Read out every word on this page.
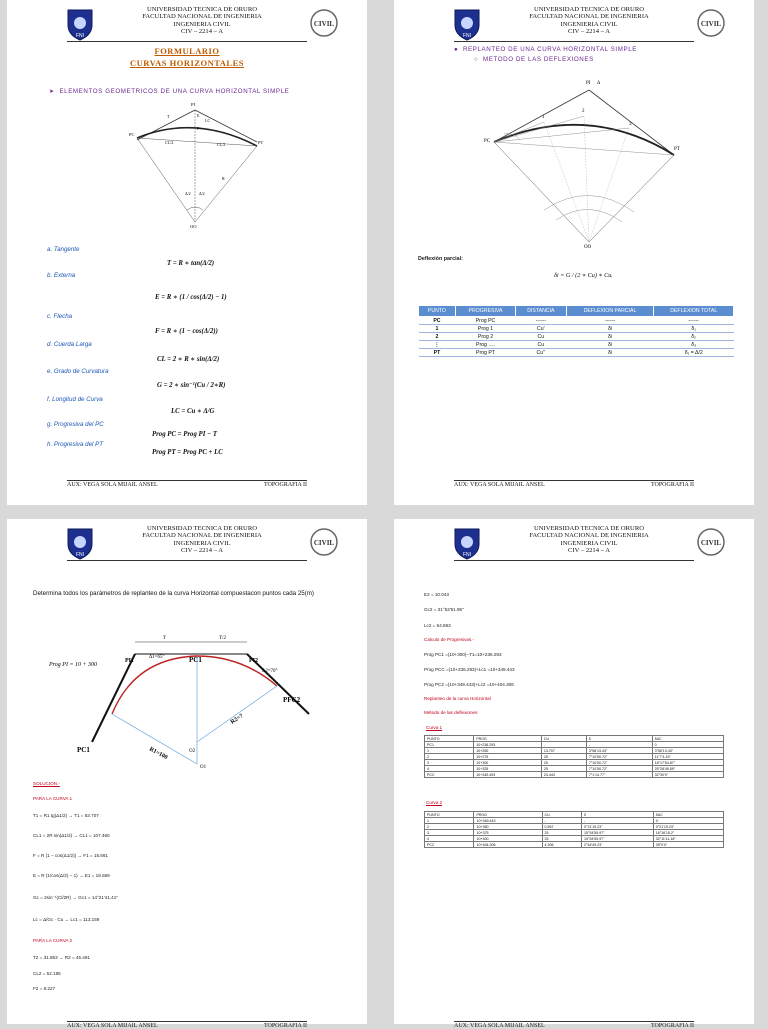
FNI
UNIVERSIDAD TECNICA DE ORURO
FACULTAD NACIONAL DE INGENIERIA
INGENIERIA CIVIL
CIV – 2214 – A
CIVIL
FORMULARIO
CURVAS HORIZONTALES
➤  ELEMENTOS GEOMETRICOS DE UNA CURVA HORIZONTAL SIMPLE
PI
PC
PT
OO
T	E
F
LC
CL/2	CL/2
R
Δ/2 Δ/2
a. Tangente
T = R ∗ tan(Δ/2)
b. Externa
E = R ∗ (1 / cos(Δ/2) − 1)
c. Flecha
F = R ∗ (1 − cos(Δ/2))
d. Cuerda Larga
CL = 2 ∗ R ∗ sin(Δ/2)
e. Grado de Curvatura
G = 2 ∗ sin⁻¹(Cu / 2∗R)
f. Longitud de Curva
LC = Cu ∗ Δ/G
g. Progresiva del PC
Prog PC = Prog PI − T
h. Progresiva del PT
Prog PT = Prog PC + LC
AUX: VEGA SOLA MIJAIL ANSEL	TOPOGRAFIA II
FNI
UNIVERSIDAD TECNICA DE ORURO
FACULTAD NACIONAL DE INGENIERIA
INGENIERIA CIVIL
CIV – 2214 – A
CIVIL
●  REPLANTEO DE UNA CURVA HORIZONTAL SIMPLE
○  METODO DE LAS DEFLEXIONES
PI Δ
PC
PT
OO
1
2
3
Deflexión parcial:
δi = G / (2 ∗ Cu) ∗ Cuᵢ
PUNTO	PROGRESIVA	DISTANCIA	DEFLEXION PARCIAL	DEFLEXION TOTAL
PC	Prog PC	------	------	------
1	Prog 1	Cu'	δi	δ₁
2	Prog 2	Cu	δi	δ₂
⋮	Prog ….	Cu	δi	δ₃
PT	Prog PT	Cu''	δi	δ₁ = Δ/2
AUX: VEGA SOLA MIJAIL ANSEL	TOPOGRAFIA II
FNI
UNIVERSIDAD TECNICA DE ORURO
FACULTAD NACIONAL DE INGENIERIA
INGENIERIA CIVIL
CIV – 2214 – A
CIVIL
Determina todos los parámetros de replanteo de la curva Horizontal compuestacon puntos cada 25(m)
T	T/2
Prog PI = 10 + 300
PI1	PC1	PI2
Δ1=65°
Δ2=70°
PFC2
PC1	R1=100
R2=?
O2
O1
SOLUCION.-
PARA LA CURVA 1
T1 = R1 tg(Δ1/2) → T1 = 63.707
CL1 = 2R sin(Δ1/2) → CL1 = 107.460
F = R (1 − cos(Δ1/2)) → F1 = 15.661
E = R (1/cos(Δ/2) − 1) → E1 = 18.569
Gc = 2sin⁻¹(Cl/2R) → Gc1 = 14°21'41.41"
Lc = Δ/Gc · Cu → Lc1 = 113.159
PARA LA CURVA 2
T2 = 31.853 → R2 = 45.491
CL2 = 52.185
F2 = 8.227
AUX: VEGA SOLA MIJAIL ANSEL	TOPOGRAFIA II
FNI
UNIVERSIDAD TECNICA DE ORURO
FACULTAD NACIONAL DE INGENIERIA
INGENIERIA CIVIL
CIV – 2214 – A
CIVIL
E2 = 10.043
Gc2 = 31°53'51.95"
Lc2 = 54.863
Calculo de Progresivas.-
Prog PC1 =(10+300)−T1=10+236.293
Prog PCC =(10+236.293)+Lc1 =10+349.443
Prog PC2 =(10+349.443)+Lc2 =10+404.306
Replanteo de la curva Horizontal
Método de las deflexiones
Curva 1
PUNTO	PROG	CU	δ	δAC
PC1	10+236.293	-	-	0
1	10+250	13.707	3°56'13.43"	3°56'13.43"
2	10+275	25	7°10'50.72"	11°7'4.15"
3	10+300	25	7°10'50.72"	18°17'54.87"
4	10+325	25	7°10'50.72"	25°28'45.59"
PCC	10+349.493	24.443	7°1'14.77"	32°30'0"
Curva 2
PUNTO	PROG	CU	δ	δAC
1	10+349.443	-	-	0
2	10+350	0.557	0°21'19.23"	0°21'19.23"
3	10+375	25	15°54'55.97"	16°16'15.2"
4	10+400	25	15°54'55.97"	32°11'11.18"
PC2	10+404.306	4.306	2°44'49.23"	35°0'0"
AUX: VEGA SOLA MIJAIL ANSEL	TOPOGRAFIA II
